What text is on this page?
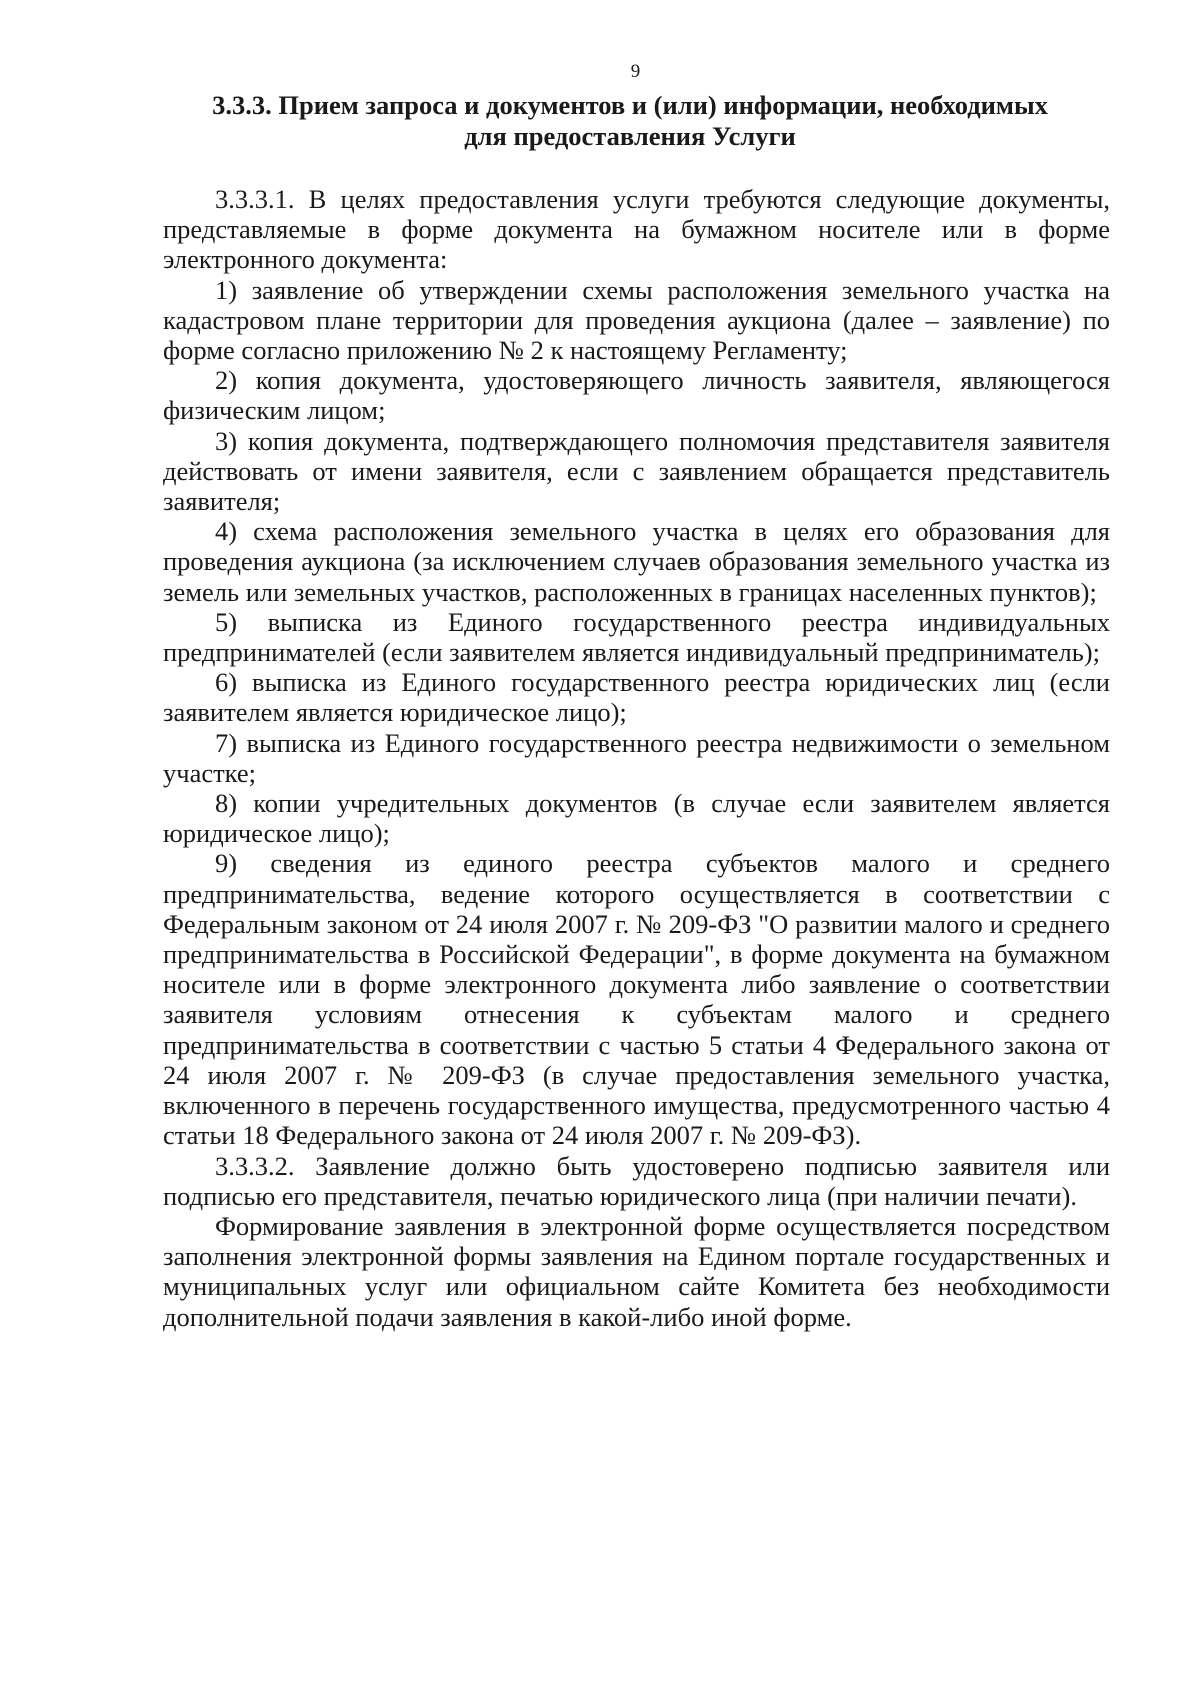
9
3.3.3. Прием запроса и документов и (или) информации, необходимых
для предоставления Услуги

3.3.3.1. В целях предоставления услуги требуются следующие документы, представляемые в форме документа на бумажном носителе или в форме электронного документа:

1) заявление об утверждении схемы расположения земельного участка на кадастровом плане территории для проведения аукциона (далее – заявление) по форме согласно приложению № 2 к настоящему Регламенту;

2) копия документа, удостоверяющего личность заявителя, являющегося физическим лицом;

3) копия документа, подтверждающего полномочия представителя заявителя действовать от имени заявителя, если с заявлением обращается представитель заявителя;

4) схема расположения земельного участка в целях его образования для проведения аукциона (за исключением случаев образования земельного участка из земель или земельных участков, расположенных в границах населенных пунктов);

5) выписка из Единого государственного реестра индивидуальных предпринимателей (если заявителем является индивидуальный предприниматель);

6) выписка из Единого государственного реестра юридических лиц (если заявителем является юридическое лицо);

7) выписка из Единого государственного реестра недвижимости о земельном участке;

8) копии учредительных документов (в случае если заявителем является юридическое лицо);

9) сведения из единого реестра субъектов малого и среднего предпринимательства, ведение которого осуществляется в соответствии с Федеральным законом от 24 июля 2007 г. № 209-ФЗ "О развитии малого и среднего предпринимательства в Российской Федерации", в форме документа на бумажном носителе или в форме электронного документа либо заявление о соответствии заявителя условиям отнесения к субъектам малого и среднего предпринимательства в соответствии с частью 5 статьи 4 Федерального закона от 24 июля 2007 г. № 209-ФЗ (в случае предоставления земельного участка, включенного в перечень государственного имущества, предусмотренного частью 4 статьи 18 Федерального закона от 24 июля 2007 г. № 209-ФЗ).

3.3.3.2. Заявление должно быть удостоверено подписью заявителя или подписью его представителя, печатью юридического лица (при наличии печати).

Формирование заявления в электронной форме осуществляется посредством заполнения электронной формы заявления на Едином портале государственных и муниципальных услуг или официальном сайте Комитета без необходимости дополнительной подачи заявления в какой-либо иной форме.
